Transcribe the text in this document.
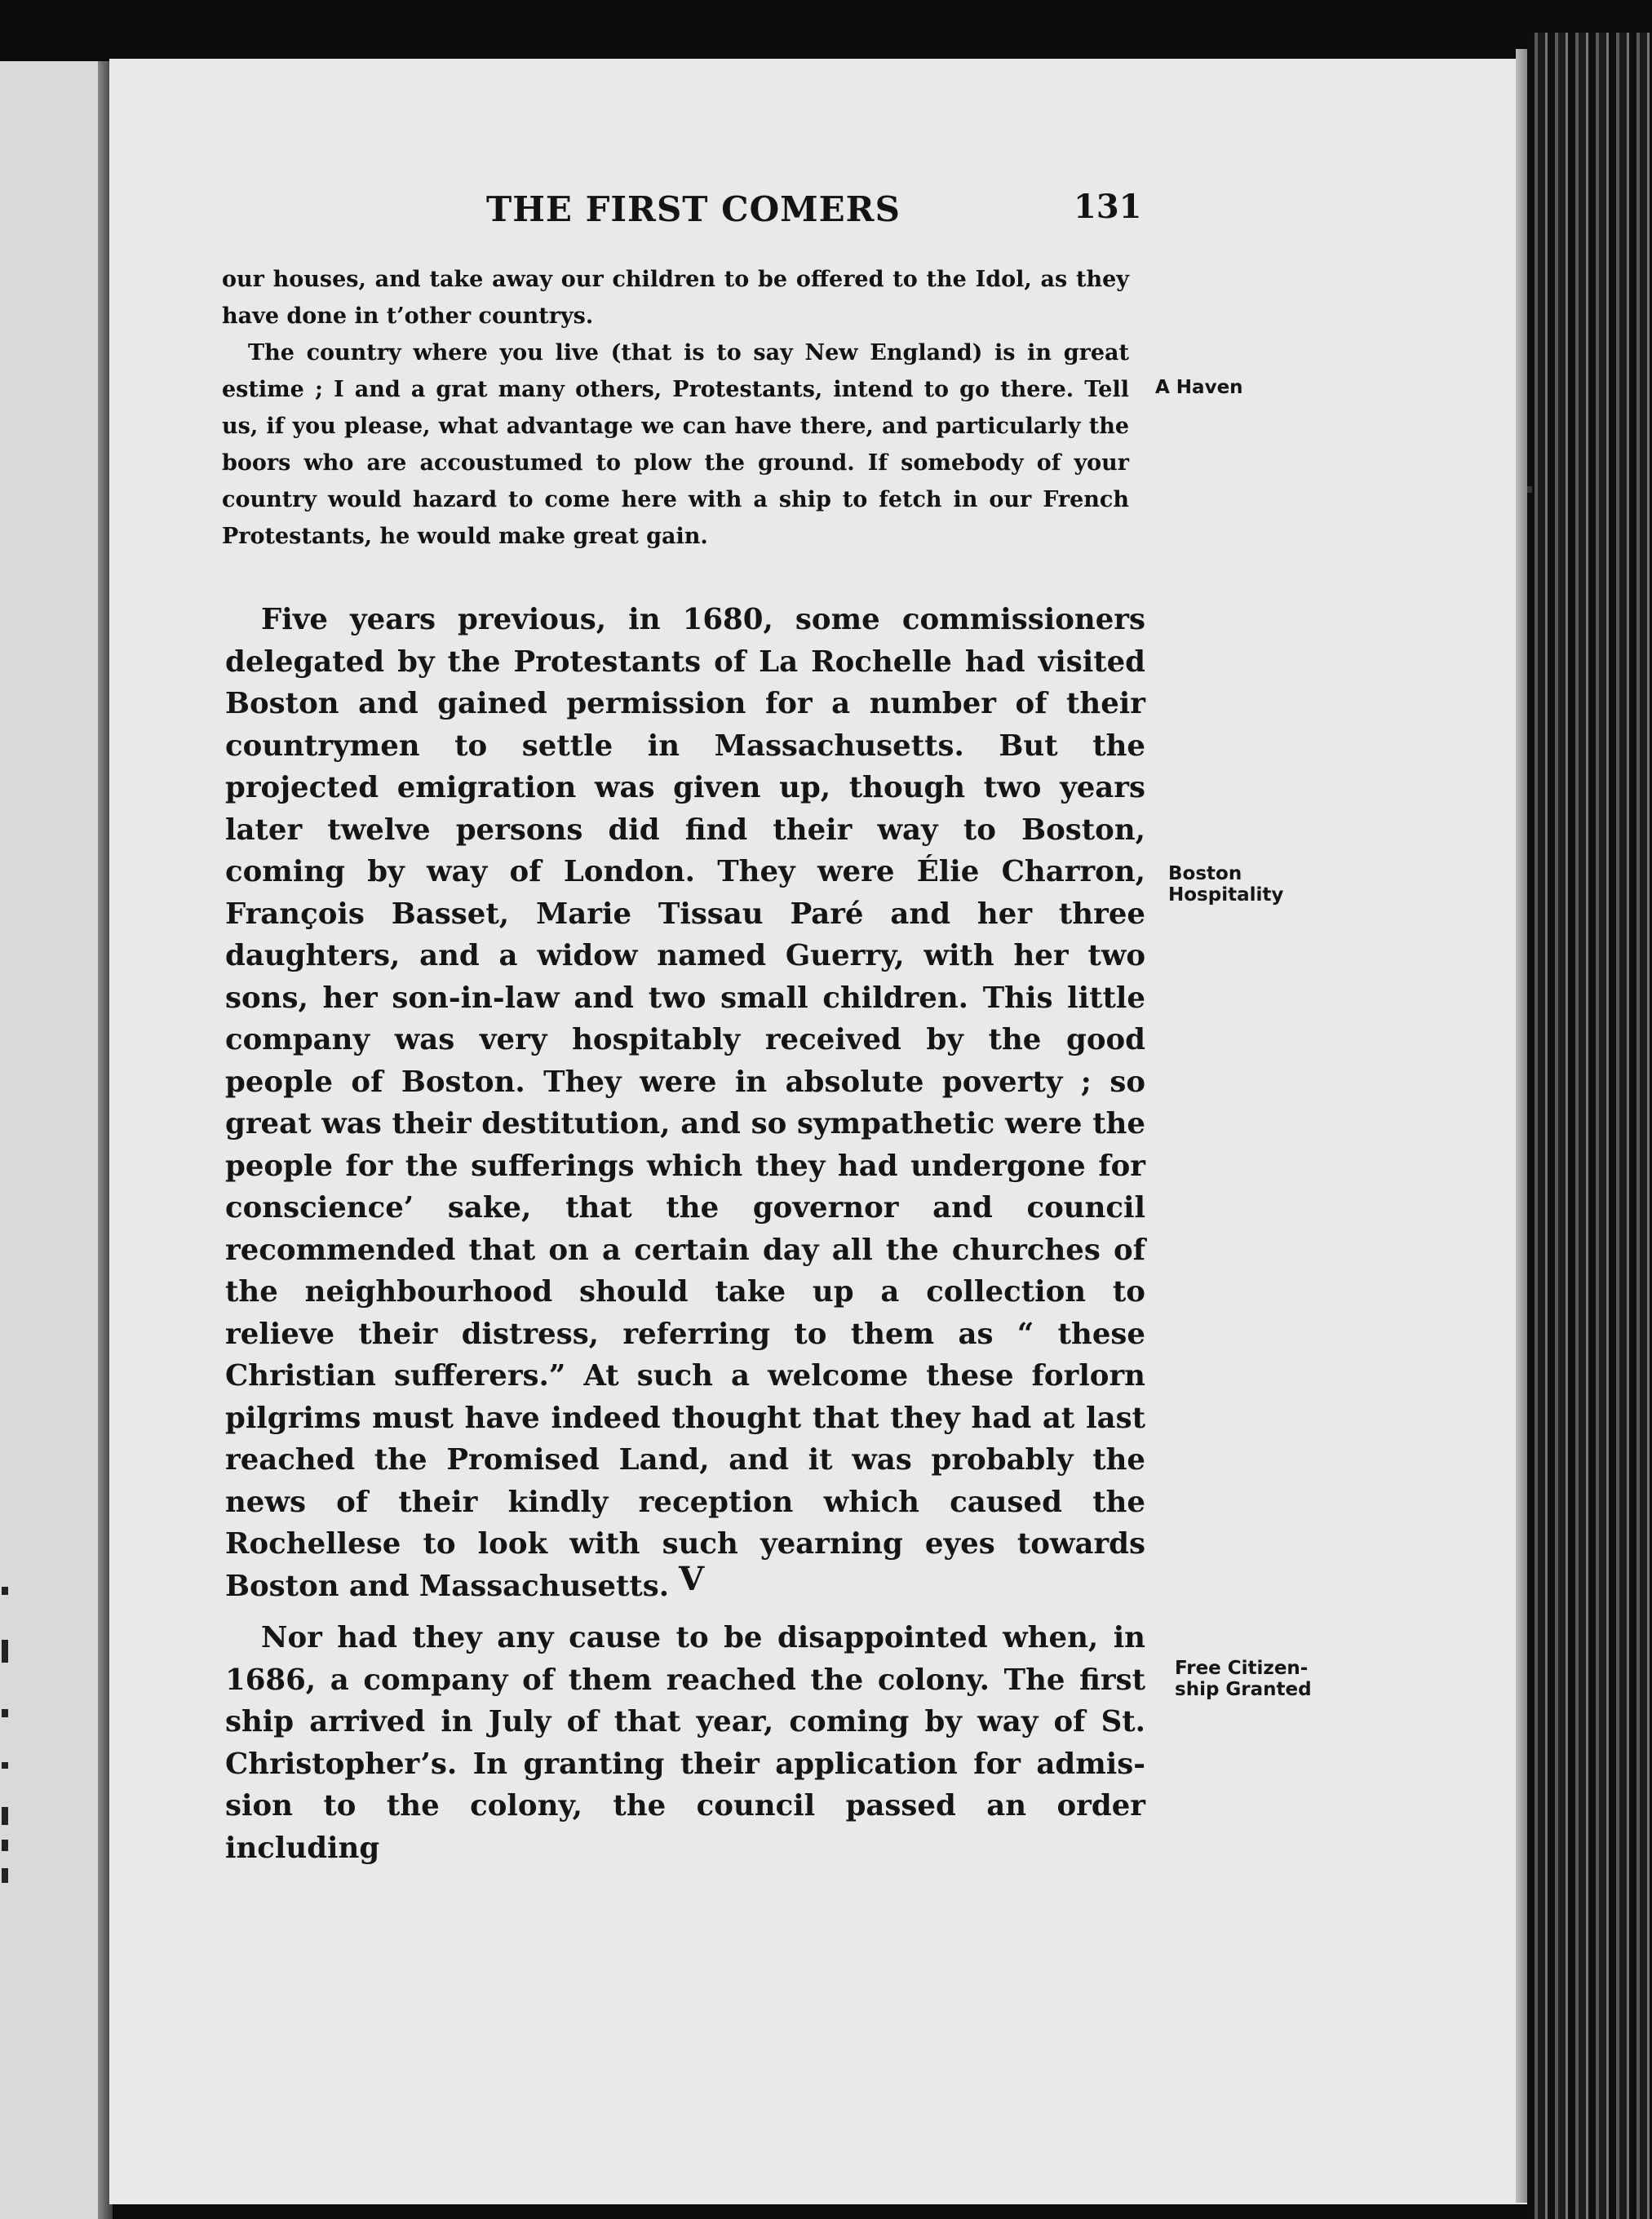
THE FIRST COMERS	131

our houses, and take away our children to be offered to the Idol, as they have done in t’other countrys.

The country where you live (that is to say New England) is in great estime ; I and a grat many others, Protestants, intend to go there. Tell us, if you please, what advantage we can have there, and particularly the boors who are accoustumed to plow the ground. If somebody of your country would hazard to come here with a ship to fetch in our French Protestants, he would make great gain.

A Haven

Five years previous, in 1680, some commissioners delegated by the Protestants of La Rochelle had visited Boston and gained permission for a number of their countrymen to settle in Massachusetts. But the projected emigration was given up, though two years later twelve persons did find their way to Boston, coming by way of London. They were Élie Charron, François Basset, Marie Tissau Paré and her three daughters, and a widow named Guerry, with her two sons, her son-in-law and two small children. This little company was very hospitably received by the good people of Boston. They were in absolute poverty ; so great was their destitution, and so sympathetic were the people for the sufferings which they had undergone for conscience’ sake, that the governor and council recommended that on a certain day all the churches of the neighbourhood should take up a collection to relieve their distress, referring to them as “ these Christian sufferers.” At such a welcome these forlorn pilgrims must have indeed thought that they had at last reached the Promised Land, and it was probably the news of their kindly reception which caused the Rochellese to look with such yearning eyes towards Boston and Massachusetts.

Boston
Hospitality
V

Nor had they any cause to be disappointed when, in 1686, a company of them reached the colony. The first ship arrived in July of that year, coming by way of St. Christopher’s. In granting their application for admission to the colony, the council passed an order including

Free Citizen-
ship Granted
